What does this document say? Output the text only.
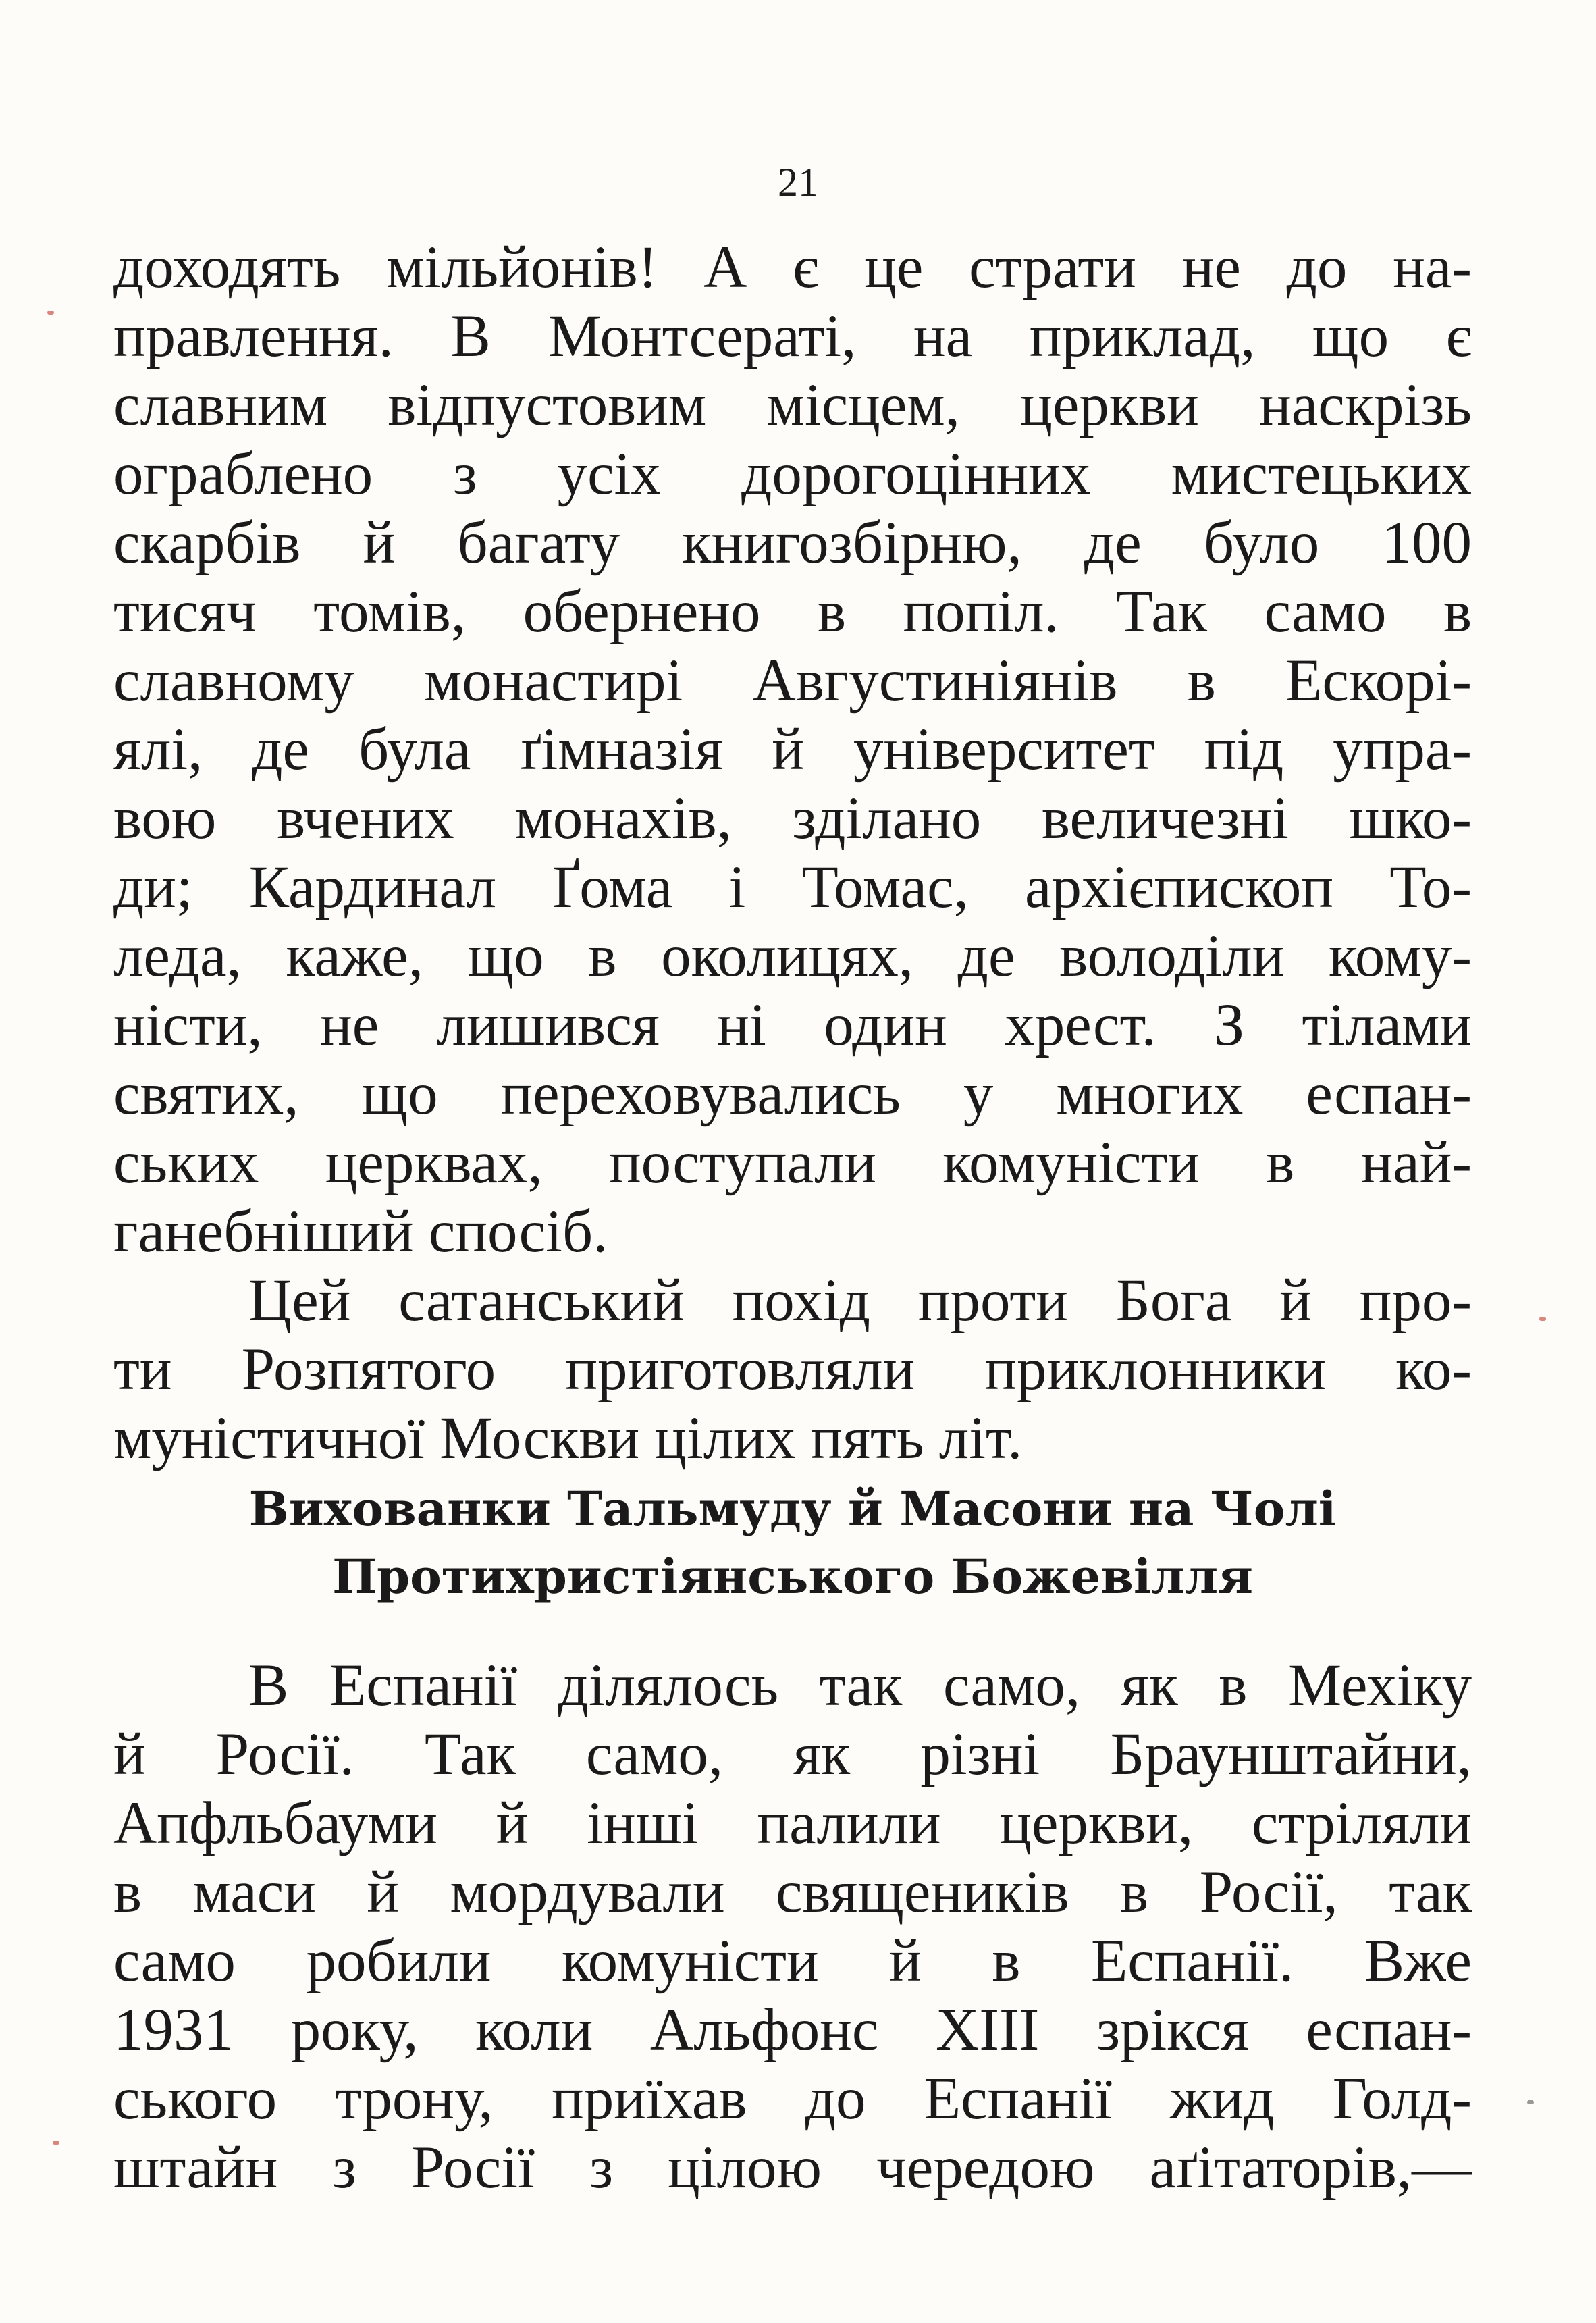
21
доходять мільйонів! А є це страти не до на-
правлення. В Монтсераті, на приклад, що є
славним відпустовим місцем, церкви наскрізь
ограблено з усіх дорогоцінних мистецьких
скарбів й багату книгозбірню, де було 100
тисяч томів, обернено в попіл. Так само в
славному монастирі Августиніянів в Ескорі-
ялі, де була ґімназія й університет під упра-
вою вчених монахів, зділано величезні шко-
ди; Кардинал Ґома і Томас, архієпископ То-
леда, каже, що в околицях, де володіли кому-
ністи, не лишився ні один хрест. З тілами
святих, що переховувались у многих еспан-
ських церквах, поступали комуністи в най-
ганебніший спосіб.
Цей сатанський похід проти Бога й про-
ти Розпятого приготовляли приклонники ко-
муністичної Москви цілих пять літ.
Вихованки Тальмуду й Масони на Чолі
Протихристіянського Божевілля
В Еспанії ділялось так само, як в Мехіку
й Росії. Так само, як різні Браунштайни,
Апфльбауми й інші палили церкви, стріляли
в маси й мордували священиків в Росії, так
само робили комуністи й в Еспанії. Вже
1931 року, коли Альфонс XIII зрікся еспан-
ського трону, приїхав до Еспанії жид Голд-
штайн з Росії з цілою чередою аґітаторів,—
